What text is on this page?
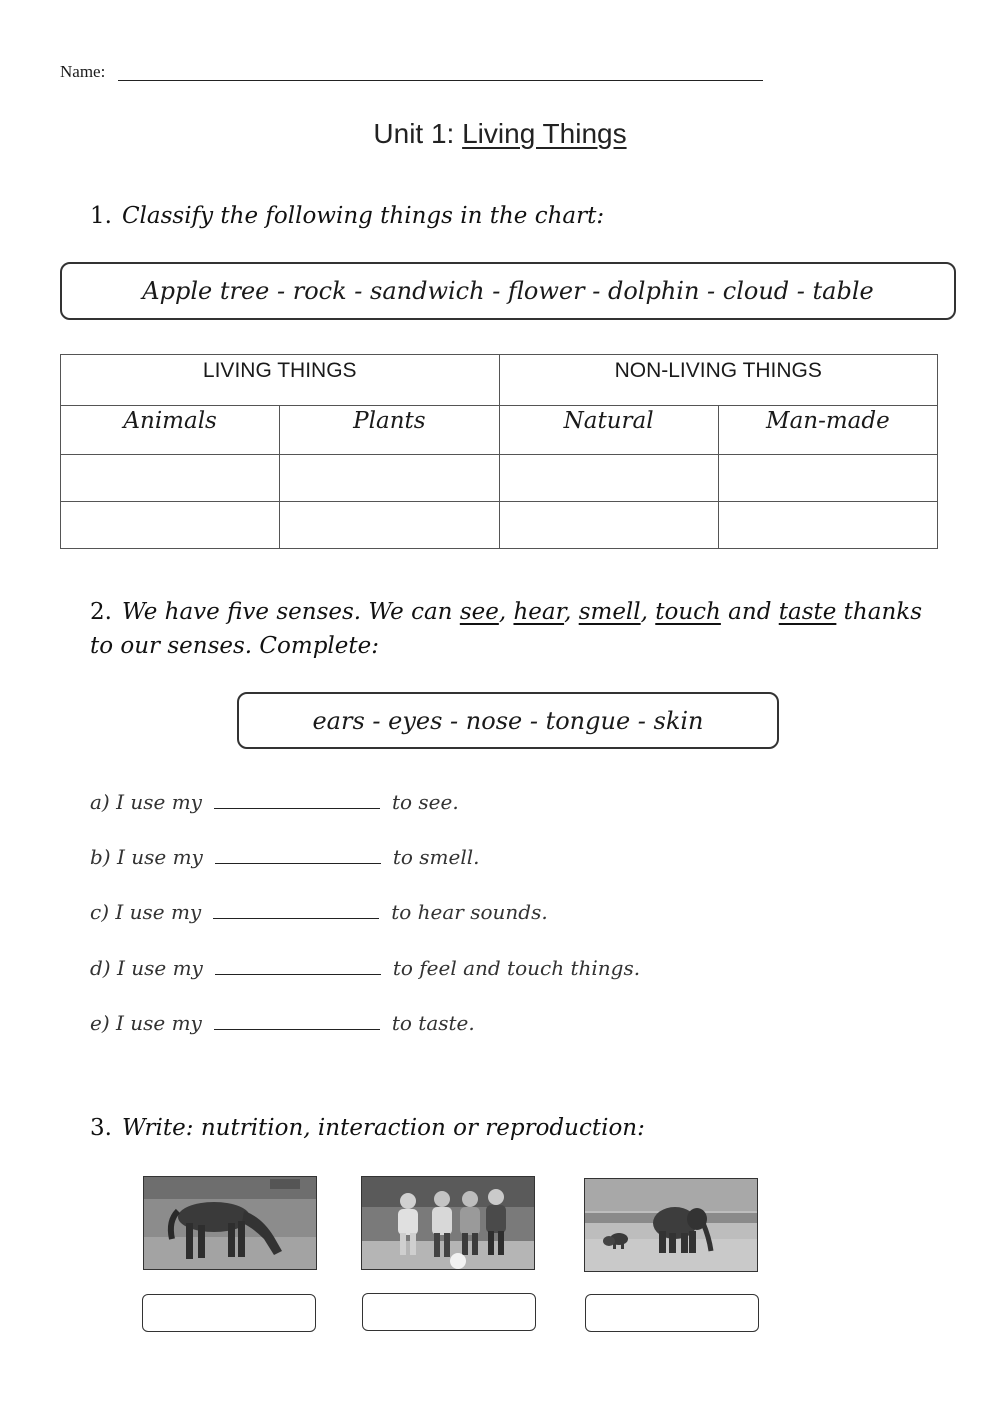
Name:
Unit 1: Living Things
1. Classify the following things in the chart:
Apple tree - rock - sandwich - flower - dolphin - cloud - table
LIVING THINGS		NON-LIVING THINGS	
Animals	Plants	Natural	Man-made

2. We have five senses. We can see, hear, smell, touch and taste thanks to our senses. Complete:
ears - eyes - nose - tongue - skin
a)
I use my	to see.
b)
I use my	to smell.
c)
I use my	to hear sounds.
d)
I use my	to feel and touch things.
e)
I use my	to taste.
3. Write: nutrition, interaction or reproduction:
